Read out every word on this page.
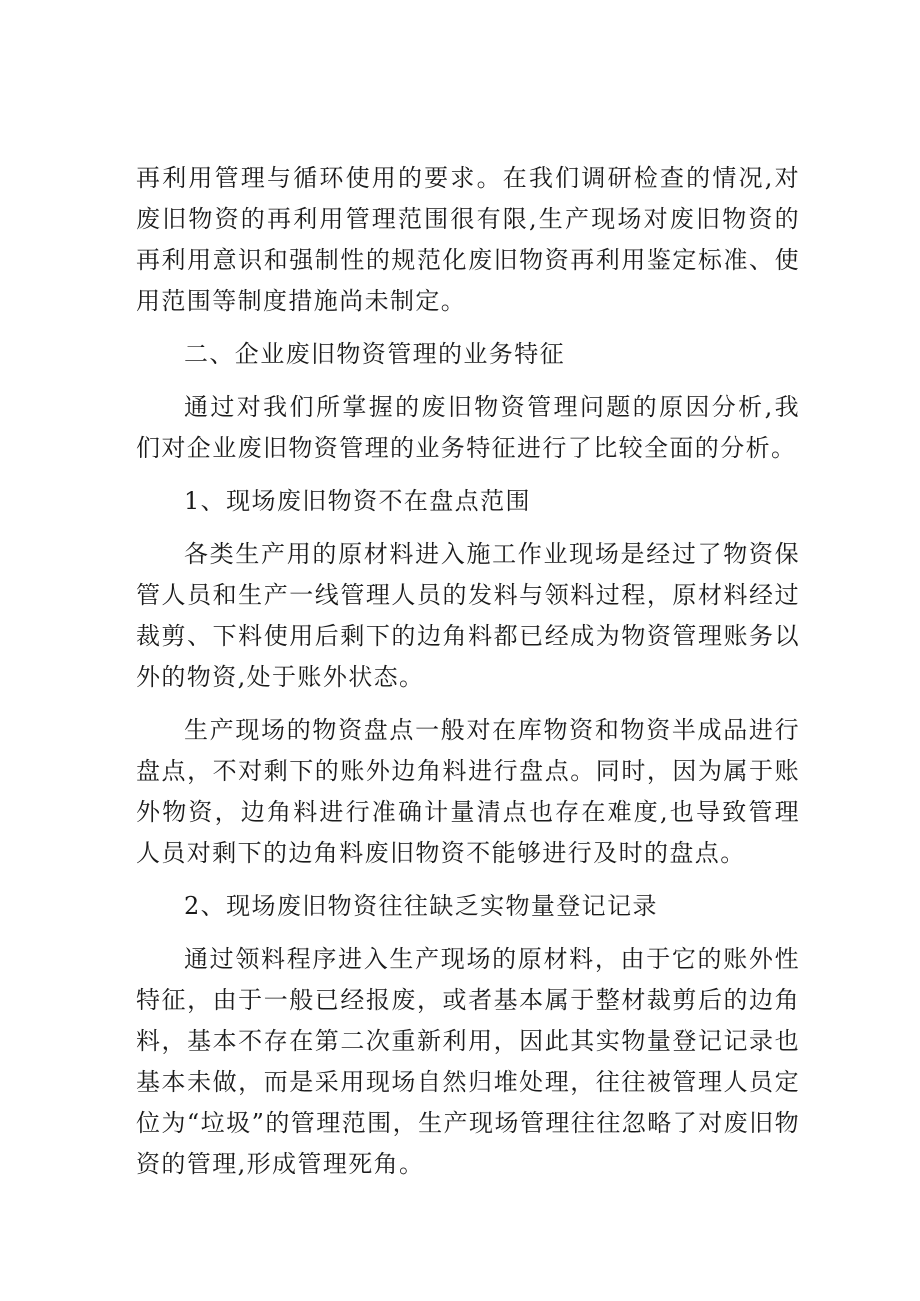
再利用管理与循环使用的要求。在我们调研检查的情况,对废旧物资的再利用管理范围很有限,生产现场对废旧物资的再利用意识和强制性的规范化废旧物资再利用鉴定标准、使用范围等制度措施尚未制定。

二、企业废旧物资管理的业务特征

通过对我们所掌握的废旧物资管理问题的原因分析,我们对企业废旧物资管理的业务特征进行了比较全面的分析。

1、现场废旧物资不在盘点范围

各类生产用的原材料进入施工作业现场是经过了物资保管人员和生产一线管理人员的发料与领料过程，原材料经过裁剪、下料使用后剩下的边角料都已经成为物资管理账务以外的物资,处于账外状态。

生产现场的物资盘点一般对在库物资和物资半成品进行盘点，不对剩下的账外边角料进行盘点。同时，因为属于账外物资，边角料进行准确计量清点也存在难度,也导致管理人员对剩下的边角料废旧物资不能够进行及时的盘点。

2、现场废旧物资往往缺乏实物量登记记录

通过领料程序进入生产现场的原材料，由于它的账外性特征，由于一般已经报废，或者基本属于整材裁剪后的边角料，基本不存在第二次重新利用，因此其实物量登记记录也基本未做，而是采用现场自然归堆处理，往往被管理人员定位为“垃圾”的管理范围，生产现场管理往往忽略了对废旧物资的管理,形成管理死角。
